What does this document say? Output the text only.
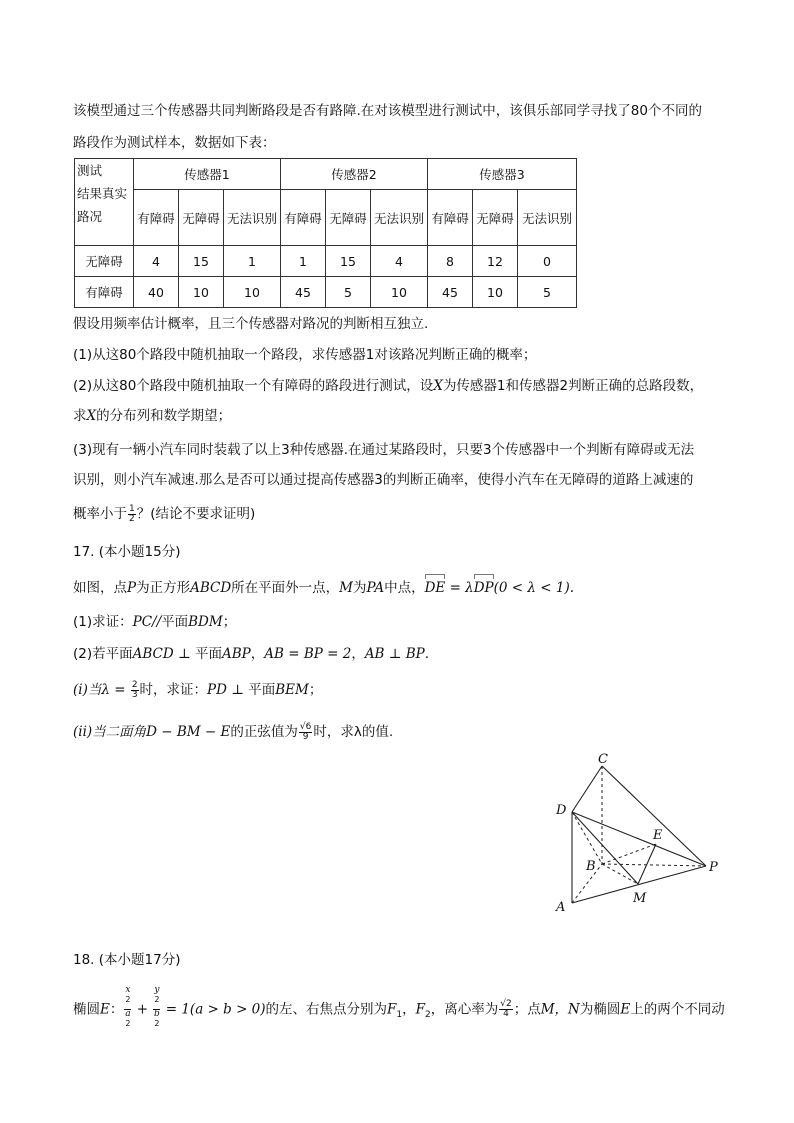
该模型通过三个传感器共同判断路段是否有路障.在对该模型进行测试中，该俱乐部同学寻找了80个不同的
路段作为测试样本，数据如下表：
测试
结果真实
路况	传感器1			传感器2			传感器3		
	有障碍	无障碍	无法识别	有障碍	无障碍	无法识别	有障碍	无障碍	无法识别
无障碍	4	15	1	1	15	4	8	12	0
有障碍	40	10	10	45	5	10	45	10	5
假设用频率估计概率，且三个传感器对路况的判断相互独立.
(1)从这80个路段中随机抽取一个路段，求传感器1对该路况判断正确的概率；
(2)从这80个路段中随机抽取一个有障碍的路段进行测试，设X为传感器1和传感器2判断正确的总路段数，
求X的分布列和数学期望；
(3)现有一辆小汽车同时装载了以上3种传感器.在通过某路段时，只要3个传感器中一个判断有障碍或无法
识别，则小汽车减速.那么是否可以通过提高传感器3的判断正确率，使得小汽车在无障碍的道路上减速的
概率小于 $\frac{1}{2}$ ？(结论不要求证明)
17. (本小题15分)
如图，点P为正方形ABCD所在平面外一点，M为PA中点，DE = λDP(0 < λ < 1).
(1)求证：PC//平面BDM；
(2)若平面ABCD ⊥ 平面ABP，AB = BP = 2，AB ⊥ BP.
(i)当$\lambda = \frac{2}{3}$ 时，求证：PD ⊥ 平面BEM；
(ii)当二面角D − BM − E的正弦值为 $\frac{√6}{9}$ 时，求λ的值.
C
D
E
B	P
A
M
18. (本小题17分)
椭圆E： x
$^2$
a
$^2$ + y
$^2$
b
$^2$ = 1(a > b > 0)的左、右焦点分别为$F_1$，$F_2$，离心率为 $\frac{√2}{4}$ ；点M，N为椭圆E上的两个不同动
